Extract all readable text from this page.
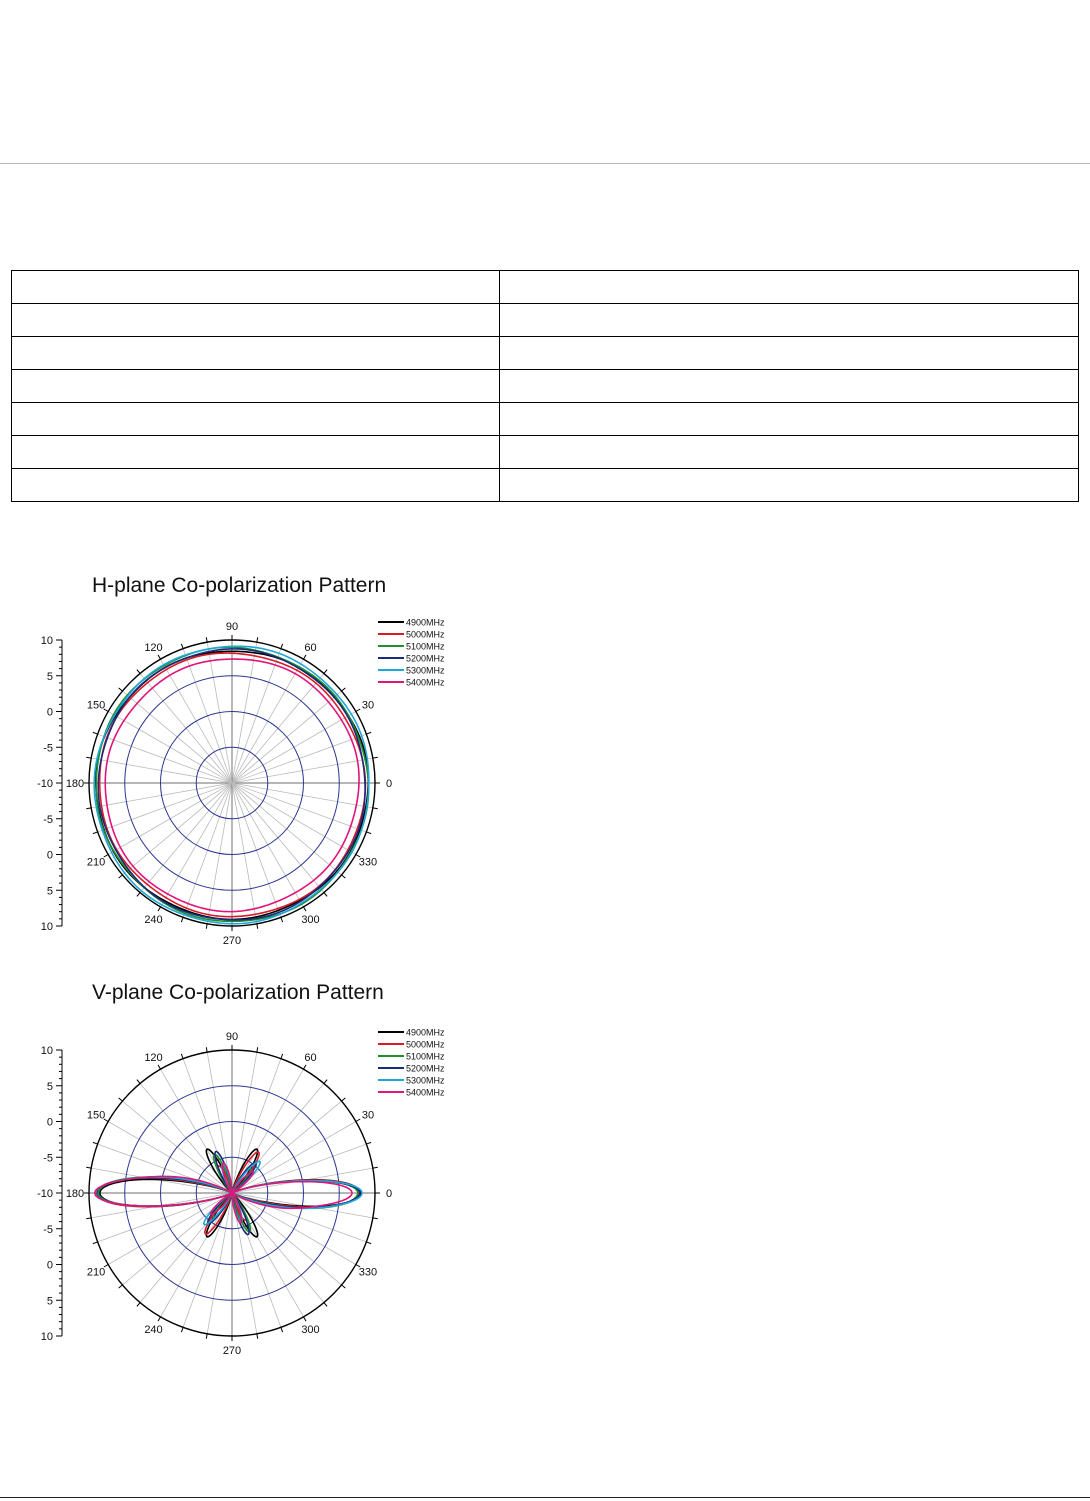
H-plane Co-polarization Pattern
0
30
60
90
120
150
180
210
240
270
300
330
10
5
0
-5
-10
-5
0
5
10
4900MHz
5000MHz
5100MHz
5200MHz
5300MHz
5400MHz
V-plane Co-polarization Pattern
0
30
60
90
120
150
180
210
240
270
300
330
10
5
0
-5
-10
-5
0
5
10
4900MHz
5000MHz
5100MHz
5200MHz
5300MHz
5400MHz
